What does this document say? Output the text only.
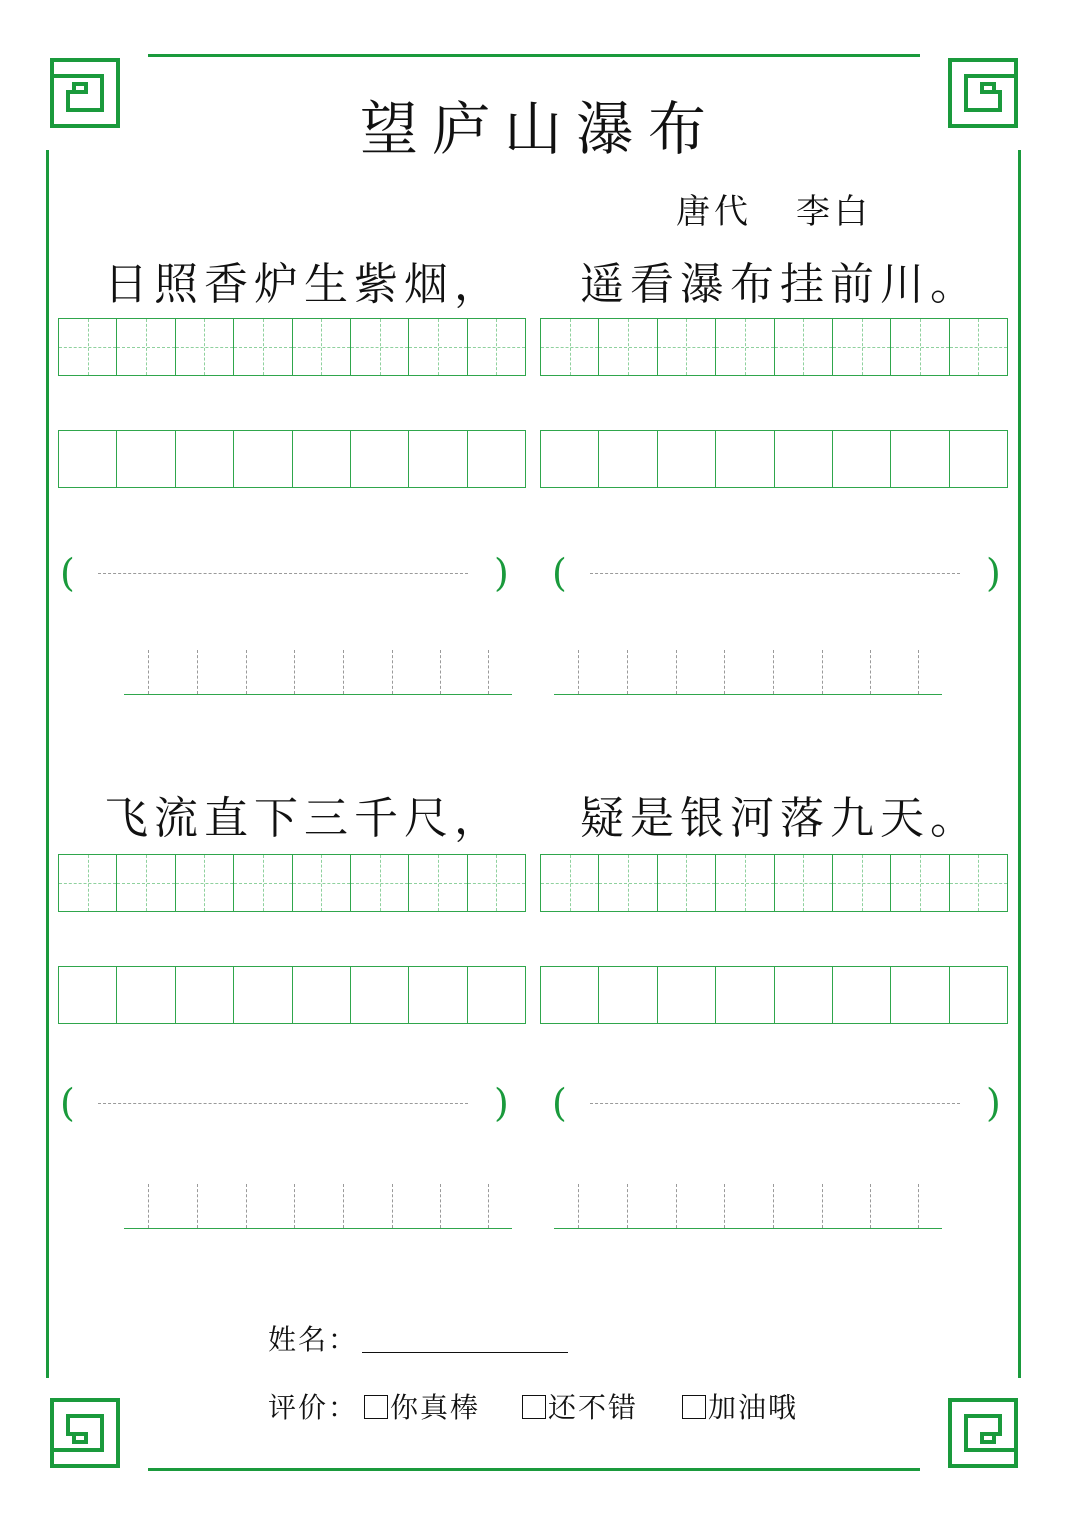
望庐山瀑布
唐代 李白
日照香炉生紫烟， 遥看瀑布挂前川。
(	) (	)
飞流直下三千尺， 疑是银河落九天。
(	) (	)
姓名：
评价：	你真棒	还不错	加油哦
